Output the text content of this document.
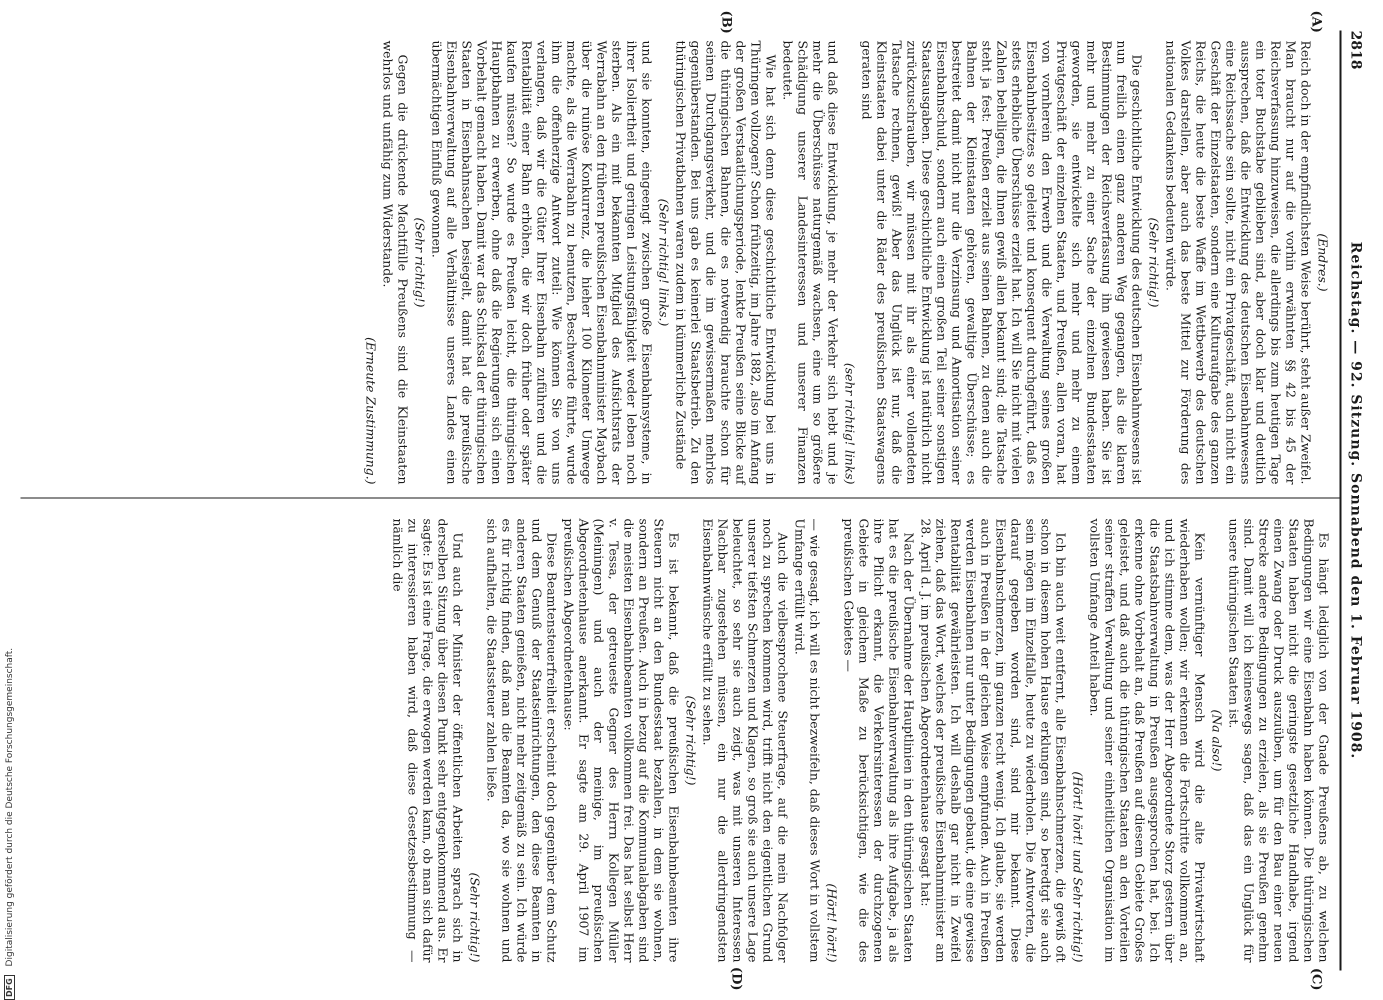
2818
Reichstag. — 92. Sitzung. Sonnabend den 1. Februar 1908.
(A)
(B)
(C)
(D)
(Endres.)
Reich doch in der empfindlichsten Weise berührt, steht außer Zweifel. Man braucht nur auf die vorhin erwähnten §§ 42 bis 45 der Reichsverfassung hinzuweisen, die allerdings bis zum heutigen Tage ein toter Buchstabe geblieben sind, aber doch klar und deutlich aussprechen, daß die Entwicklung des deutschen Eisenbahnwesens eine Reichssache sein sollte, nicht ein Privatgeschäft, auch nicht ein Geschäft der Einzelstaaten, sondern eine Kulturaufgabe des ganzen Reichs, die heute die beste Waffe im Wettbewerb des deutschen Volkes darstellen, aber auch das beste Mittel zur Förderung des nationalen Gedankens bedeuten würde.
(Sehr richtig!)
Die geschichtliche Entwicklung des deutschen Eisenbahnwesens ist nun freilich einen ganz anderen Weg gegangen, als die klaren Bestimmungen der Reichsverfassung ihn gewiesen haben. Sie ist mehr und mehr zu einer Sache der einzelnen Bundesstaaten geworden, sie entwickelte sich mehr und mehr zu einem Privatgeschäft der einzelnen Staaten, und Preußen, allen voran, hat von vornherein den Erwerb und die Verwaltung seines großen Eisenbahnbesitzes so geleitet und konsequent durchgeführt, daß es stets erhebliche Überschüsse erzielt hat. Ich will Sie nicht mit vielen Zahlen behelligen, die Ihnen gewiß allen bekannt sind; die Tatsache steht ja fest: Preußen erzielt aus seinen Bahnen, zu denen auch die Bahnen der Kleinstaaten gehören, gewaltige Überschüsse; es bestreitet damit nicht nur die Verzinsung und Amortisation seiner Eisenbahnschuld, sondern auch einen großen Teil seiner sonstigen Staatsausgaben. Diese geschichtliche Entwicklung ist natürlich nicht zurückzuschrauben, wir müssen mit ihr als einer vollendeten Tatsache rechnen, gewiß! Aber das Unglück ist nur, daß die Kleinstaaten dabei unter die Räder des preußischen Staatswagens geraten sind
(sehr richtig! links)
und daß diese Entwicklung, je mehr der Verkehr sich hebt und je mehr die Überschüsse naturgemäß wachsen, eine um so größere Schädigung unserer Landesinteressen und unserer Finanzen bedeutet.
Wie hat sich denn diese geschichtliche Entwicklung bei uns in Thüringen vollzogen? Schon frühzeitig, im Jahre 1882, also im Anfang der großen Verstaatlichungsperiode, lenkte Preußen seine Blicke auf die thüringischen Bahnen, die es notwendig brauchte schon für seinen Durchgangsverkehr, und die im gewissermaßen mehrlos gegenüberstanden. Bei uns gab es keinerlei Staatsbetrieb. Zu den thüringischen Privatbahnen waren zudem in kümmerliche Zustände
(Sehr richtig! links.)
und sie konnten, eingeengt zwischen große Eisenbahnsysteme, in ihrer Isoliertheit und geringen Leistungsfähigkeit weder leben noch sterben. Als ein mit bekannten Mitglied des Aufsichtsrats der Werrabahn an den früheren preußischen Eisenbahnminister Maybach über die ruinöse Konkurrenz, die hieher 100 Kilometer Umwege machte, als die Werrabahn zu benutzen, Beschwerde führte, wurde ihm die offenherzige Antwort zuteil: Wie können Sie von uns verlangen, daß wir die Güter Ihrer Eisenbahn zuführen und die Rentabilität einer Bahn erhöhen, die wir doch früher oder später kaufen müssen? So wurde es Preußen leicht, die thüringischen Hauptbahnen zu erwerben, ohne daß die Regierungen sich einen Vorbehalt gemacht haben. Damit war das Schicksal der thüringischen Staaten in Eisenbahnsachen besiegelt, damit hat die preußische Eisenbahnverwaltung auf alle Verhältnisse unseres Landes einen übermächtigen Einfluß gewonnen.
(Sehr richtig!)
Gegen die drückende Machtfülle Preußens sind die Kleinstaaten wehrlos und unfähig zum Widerstande.
(Erneute Zustimmung.)
Es hängt lediglich von der Gnade Preußens ab, zu welchen Bedingungen wir eine Eisenbahn haben können. Die thüringischen Staaten haben nicht die geringste gesetzliche Handhabe, irgend einen Zwang oder Druck auszuüben, um für den Bau einer neuen Strecke andere Bedingungen zu erzielen, als sie Preußen genehm sind. Damit will ich keineswegs sagen, daß das ein Unglück für unsere thüringischen Staaten ist.
(Na also!)
Kein vernünftiger Mensch wird die alte Privatwirtschaft wiederhaben wollen; wir erkennen die Fortschritte vollkommen an, und ich stimme dem, was der Herr Abgeordnete Storz gestern über die Staatsbahnverwaltung in Preußen ausgesprochen hat, bei. Ich erkenne ohne Vorbehalt an, daß Preußen auf diesem Gebiete Großes geleistet, und daß auch die thüringischen Staaten an den Vorteilen seiner straffen Verwaltung und seiner einheitlichen Organisation im vollsten Umfange Anteil haben.
(Hört! hört! und Sehr richtig!)
Ich bin auch weit entfernt, alle Eisenbahnschmerzen, die gewiß oft schon in diesem hohen Hause erklungen sind, so beredtgt sie auch sein mögen im Einzelfalle, heute zu wiederholen. Die Antworten, die darauf gegeben worden sind, sind mir bekannt. Diese Eisenbahnschmerzen, im ganzen recht wenig. Ich glaube, sie werden auch in Preußen in der gleichen Weise empfunden. Auch in Preußen werden Eisenbahnen nur unter Bedingungen gebaut, die eine gewisse Rentabilität gewährleisten. Ich will deshalb gar nicht in Zweifel ziehen, daß das Wort, welches der preußische Eisenbahnminister am 28. April d. J. im preußischen Abgeordnetenhause gesagt hat:
Nach der Übernahme der Hauptlinien in den thüringischen Staaten hat es die preußische Eisenbahnverwaltung als ihre Aufgabe, ja als ihre Pflicht erkannt, die Verkehrsinteressen der durchzogenen Gebiete in gleichem Maße zu berücksichtigen, wie die des preußischen Gebietes —
(Hört! hört!)
— wie gesagt, ich will es nicht bezweifeln, daß dieses Wort in vollstem Umfange erfüllt wird.
Auch die vielbesprochene Steuerfrage, auf die mein Nachfolger noch zu sprechen kommen wird, trifft nicht den eigentlichen Grund unserer tiefsten Schmerzen und Klagen, so groß sie auch unsere Lage beleuchtet, so sehr sie auch zeigt, was mit unseren Interessen Nachbar zugestehen müssen, ein nur die allerdringendsten Eisenbahnwünsche erfüllt zu sehen.
(Sehr richtig!)
Es ist bekannt, daß die preußischen Eisenbahnbeamten ihre Steuern nicht an den Bundesstaat bezahlen, in dem sie wohnen, sondern an Preußen. Auch in bezug auf die Kommunalabgaben sind die meisten Eisenbahnbeamten vollkommen frei. Das hat selbst Herr v. Tessa, der getreueste Gegner des Herrn Kollegen Müller (Meiningen) und auch der meinige, im preußischen Abgeordnetenhause anerkannt. Er sagte am 29. April 1907 im preußischen Abgeordnetenhause:
Diese Beamtensteuerfreiheit erscheint doch gegenüber dem Schutz und dem Genuß der Staatseinrichtungen, den diese Beamten in anderen Staaten genießen, nicht mehr zeitgemäß zu sein. Ich würde es für richtig finden, daß man die Beamten da, wo sie wohnen und sich aufhalten, die Staatssteuer zahlen ließe.
(Sehr richtig!)
Und auch der Minister der öffentlichen Arbeiten sprach sich in derselben Sitzung über diesen Punkt sehr entgegenkommend aus. Er sagte: Es ist eine Frage, die erwogen werden kann, ob man sich dafür zu interessieren haben wird, daß diese Gesetzesbestimmung — nämlich die
DFG Digitalisierung gefördert durch die Deutsche Forschungsgemeinschaft.
